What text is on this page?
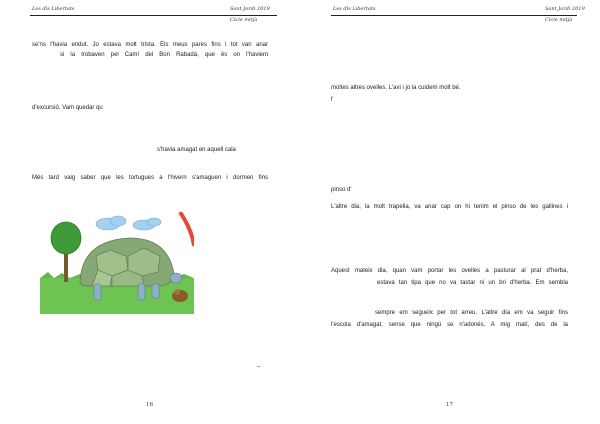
Les dls Libertats	Sant Jordi 2019
Cicle mitjà
se'ns l'havia endut. Jo estava molt trista. Els meus pares fins i tot van anar
si la trobaven pel Camí del Bon Rabadà, que és on l'haviem
d'excursió. Vam quedar qu
s'havia amagat en aquell cala
Més tard vaig saber que les tortugues a l'hivern s'amaguen i dormen fins
–
16
Les dls Libertats	Sant Jordi 2019
Cicle mitjà
moltes altres ovelles. L'avi i jo la cuidem molt bé.
l'
pinso d'
L'altre dia, la molt trapella, va anar cap on hi tenim el pinso de les gallines i
Aquest mateix dia, quan vam portar les ovelles a pasturar al prat d'herba,
estava tan tipa que no va tastar ni un bri d'herba. Em sembla
sempre em segueix per tot arreu. L'altre dia em va seguir fins
l'escola d'amagat, sense que ningú se n'adonés. A mig matí, des de la
17
